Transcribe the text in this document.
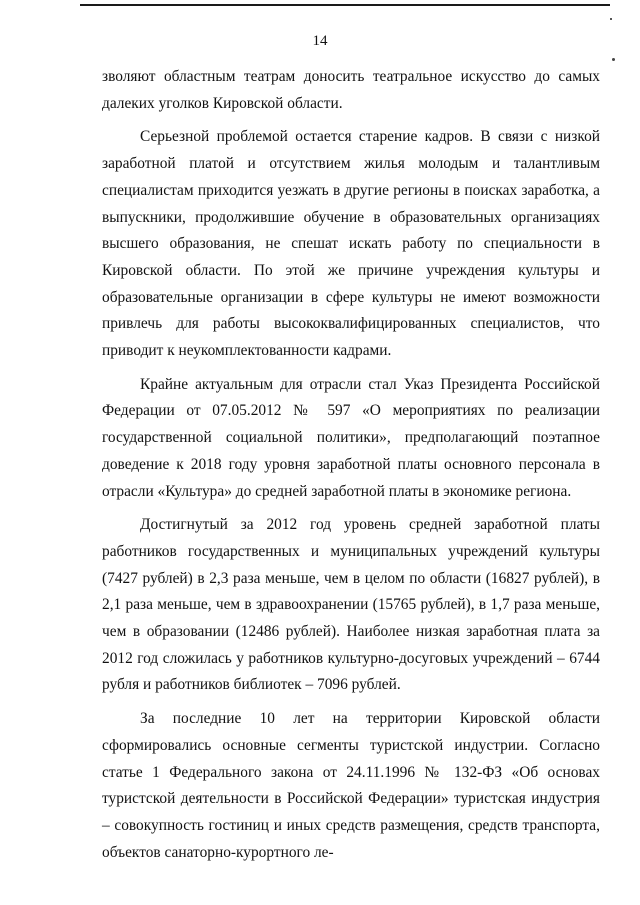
14

зволяют областным театрам доносить театральное искусство до самых далеких уголков Кировской области.

Серьезной проблемой остается старение кадров. В связи с низкой заработной платой и отсутствием жилья молодым и талантливым специалистам приходится уезжать в другие регионы в поисках заработка, а выпускники, продолжившие обучение в образовательных организациях высшего образования, не спешат искать работу по специальности в Кировской области. По этой же причине учреждения культуры и образовательные организации в сфере культуры не имеют возможности привлечь для работы высококвалифицированных специалистов, что приводит к неукомплектованности кадрами.

Крайне актуальным для отрасли стал Указ Президента Российской Федерации от 07.05.2012 № 597 «О мероприятиях по реализации государственной социальной политики», предполагающий поэтапное доведение к 2018 году уровня заработной платы основного персонала в отрасли «Культура» до средней заработной платы в экономике региона.

Достигнутый за 2012 год уровень средней заработной платы работников государственных и муниципальных учреждений культуры (7427 рублей) в 2,3 раза меньше, чем в целом по области (16827 рублей), в 2,1 раза меньше, чем в здравоохранении (15765 рублей), в 1,7 раза меньше, чем в образовании (12486 рублей). Наиболее низкая заработная плата за 2012 год сложилась у работников культурно-досуговых учреждений – 6744 рубля и работников библиотек – 7096 рублей.

За последние 10 лет на территории Кировской области сформировались основные сегменты туристской индустрии. Согласно статье 1 Федерального закона от 24.11.1996 № 132-ФЗ «Об основах туристской деятельности в Российской Федерации» туристская индустрия – совокупность гостиниц и иных средств размещения, средств транспорта, объектов санаторно-курортного ле-
